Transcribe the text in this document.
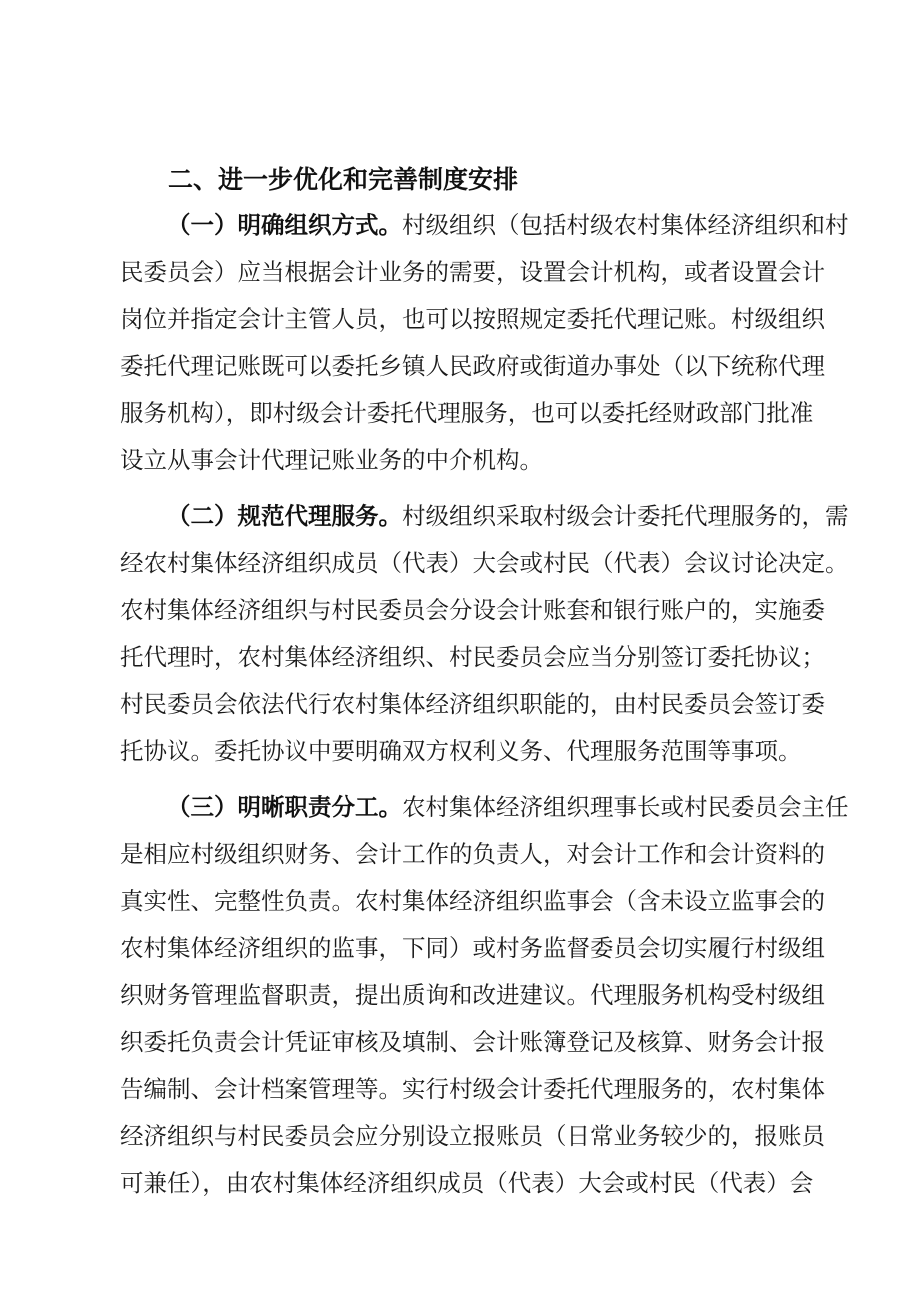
二、进一步优化和完善制度安排
（一）明确组织方式。村级组织（包括村级农村集体经济组织和村
民委员会）应当根据会计业务的需要，设置会计机构，或者设置会计
岗位并指定会计主管人员，也可以按照规定委托代理记账。村级组织
委托代理记账既可以委托乡镇人民政府或街道办事处（以下统称代理
服务机构），即村级会计委托代理服务，也可以委托经财政部门批准
设立从事会计代理记账业务的中介机构。
（二）规范代理服务。村级组织采取村级会计委托代理服务的，需
经农村集体经济组织成员（代表）大会或村民（代表）会议讨论决定。
农村集体经济组织与村民委员会分设会计账套和银行账户的，实施委
托代理时，农村集体经济组织、村民委员会应当分别签订委托协议；
村民委员会依法代行农村集体经济组织职能的，由村民委员会签订委
托协议。委托协议中要明确双方权利义务、代理服务范围等事项。
（三）明晰职责分工。农村集体经济组织理事长或村民委员会主任
是相应村级组织财务、会计工作的负责人，对会计工作和会计资料的
真实性、完整性负责。农村集体经济组织监事会（含未设立监事会的
农村集体经济组织的监事，下同）或村务监督委员会切实履行村级组
织财务管理监督职责，提出质询和改进建议。代理服务机构受村级组
织委托负责会计凭证审核及填制、会计账簿登记及核算、财务会计报
告编制、会计档案管理等。实行村级会计委托代理服务的，农村集体
经济组织与村民委员会应分别设立报账员（日常业务较少的，报账员
可兼任），由农村集体经济组织成员（代表）大会或村民（代表）会
